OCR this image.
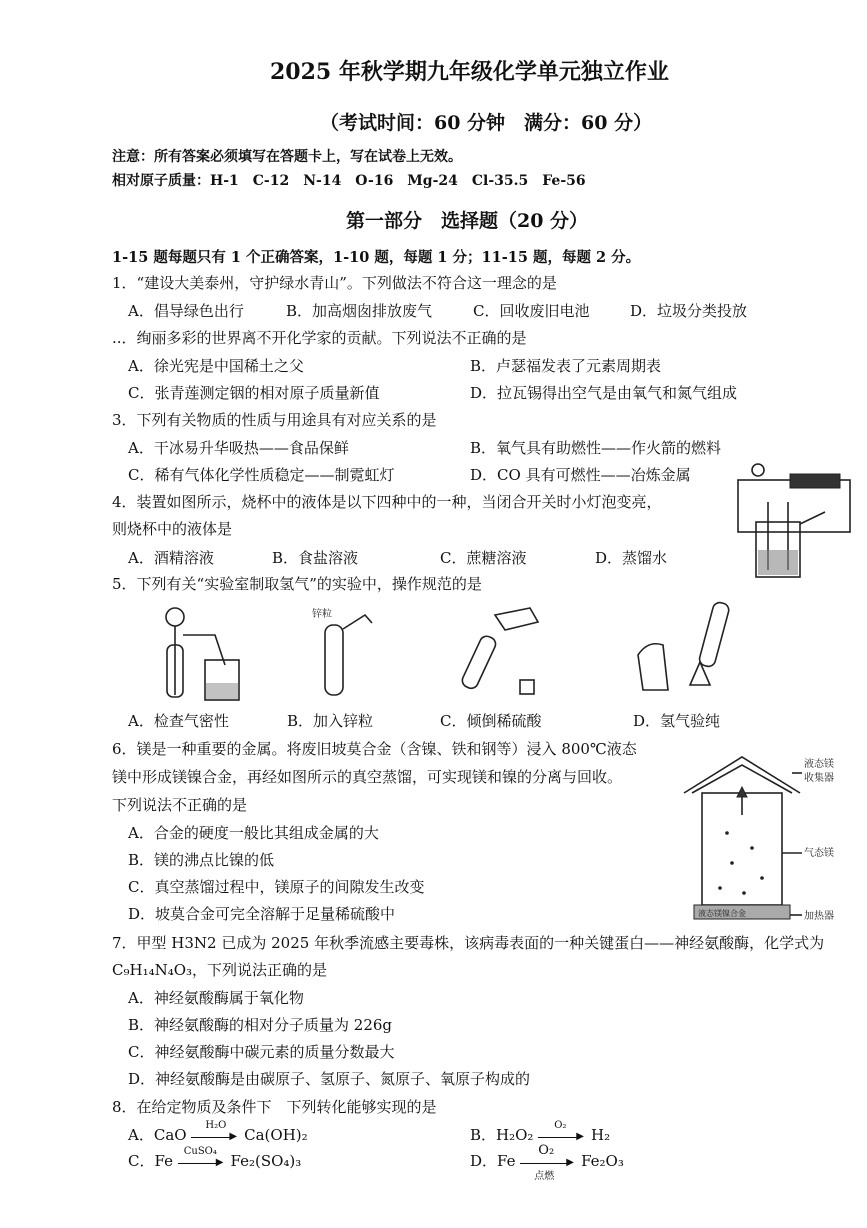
2025 年秋学期九年级化学单元独立作业
（考试时间：60 分钟　满分：60 分）
注意：所有答案必须填写在答题卡上，写在试卷上无效。
相对原子质量：H-1　C-12　N-14　O-16　Mg-24　Cl-35.5　Fe-56
第一部分　选择题（20 分）
1-15 题每题只有 1 个正确答案，1-10 题，每题 1 分；11-15 题，每题 2 分。
1．“建设大美泰州，守护绿水青山”。下列做法不符合这一理念的是
A．倡导绿色出行	B．加高烟囱排放废气	C．回收废旧电池	D．垃圾分类投放
..．绚丽多彩的世界离不开化学家的贡献。下列说法不正确的是
A．徐光宪是中国稀土之父	B．卢瑟福发表了元素周期表
C．张青莲测定铟的相对原子质量新值	D．拉瓦锡得出空气是由氧气和氮气组成
3．下列有关物质的性质与用途具有对应关系的是
A．干冰易升华吸热——食品保鲜	B．氧气具有助燃性——作火箭的燃料
C．稀有气体化学性质稳定——制霓虹灯	D．CO 具有可燃性——冶炼金属
4．装置如图所示，烧杯中的液体是以下四种中的一种，当闭合开关时小灯泡变亮，
则烧杯中的液体是
A．酒精溶液	B．食盐溶液	C．蔗糖溶液	D．蒸馏水
5．下列有关“实验室制取氢气”的实验中，操作规范的是
锌粒
A．检查气密性	B．加入锌粒	C．倾倒稀硫酸	D．氢气验纯
6．镁是一种重要的金属。将废旧坡莫合金（含镍、铁和钢等）浸入 800℃液态
镁中形成镁镍合金，再经如图所示的真空蒸馏，可实现镁和镍的分离与回收。
下列说法不正确的是
A．合金的硬度一般比其组成金属的大
B．镁的沸点比镍的低
C．真空蒸馏过程中，镁原子的间隙发生改变
D．坡莫合金可完全溶解于足量稀硫酸中
液态镁
收集器
气态镁
液态镁镍合金	加热器
7．甲型 H3N2 已成为 2025 年秋季流感主要毒株，该病毒表面的一种关键蛋白——神经氨酸酶，化学式为
C₉H₁₄N₄O₃，下列说法正确的是
A．神经氨酸酶属于氧化物
B．神经氨酸酶的相对分子质量为 226g
C．神经氨酸酶中碳元素的质量分数最大
D．神经氨酸酶是由碳原子、氢原子、氮原子、氧原子构成的
8．在给定物质及条件下　下列转化能够实现的是
A．CaO
H₂O
▶ Ca(OH)₂	B．H₂O₂
O₂
▶ H₂
C．Fe
CuSO₄
▶ Fe₂(SO₄)₃	D．Fe
O₂
▶
点燃
Fe₂O₃
